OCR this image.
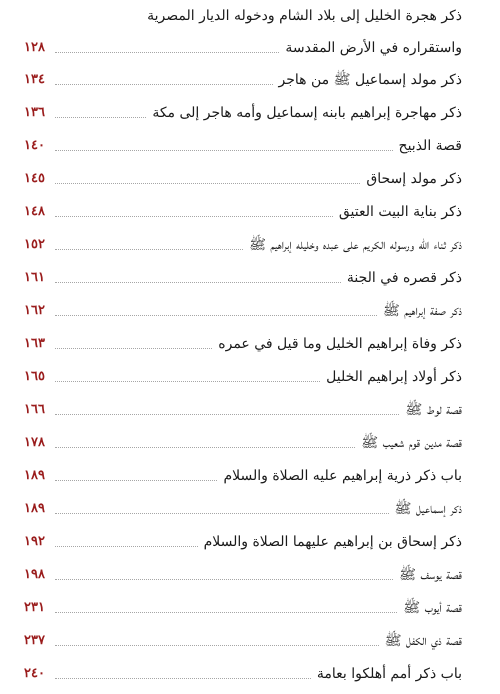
ذكر هجرة الخليل إلى بلاد الشام ودخوله الديار المصرية
واستقراره في الأرض المقدسة
١٢٨
ذكر مولد إسماعيل ﷺ من هاجر
١٣٤
ذكر مهاجرة إبراهيم بابنه إسماعيل وأمه هاجر إلى مكة
١٣٦
قصة الذبيح
١٤٠
ذكر مولد إسحاق
١٤٥
ذكر بناية البيت العتيق
١٤٨
ذكر ثناء الله ورسوله الكريم على عبده وخليله إبراهيم ﷺ
١٥٢
ذكر قصره في الجنة
١٦١
ذكر صفة إبراهيم ﷺ
١٦٢
ذكر وفاة إبراهيم الخليل وما قيل في عمره
١٦٣
ذكر أولاد إبراهيم الخليل
١٦٥
قصة لوط ﷺ
١٦٦
قصة مدين قوم شعيب ﷺ
١٧٨
باب ذكر ذرية إبراهيم عليه الصلاة والسلام
١٨٩
ذكر إسماعيل ﷺ
١٨٩
ذكر إسحاق بن إبراهيم عليهما الصلاة والسلام
١٩٢
قصة يوسف ﷺ
١٩٨
قصة أيوب ﷺ
٢٣١
قصة ذي الكفل ﷺ
٢٣٧
باب ذكر أمم أهلكوا بعامة
٢٤٠
